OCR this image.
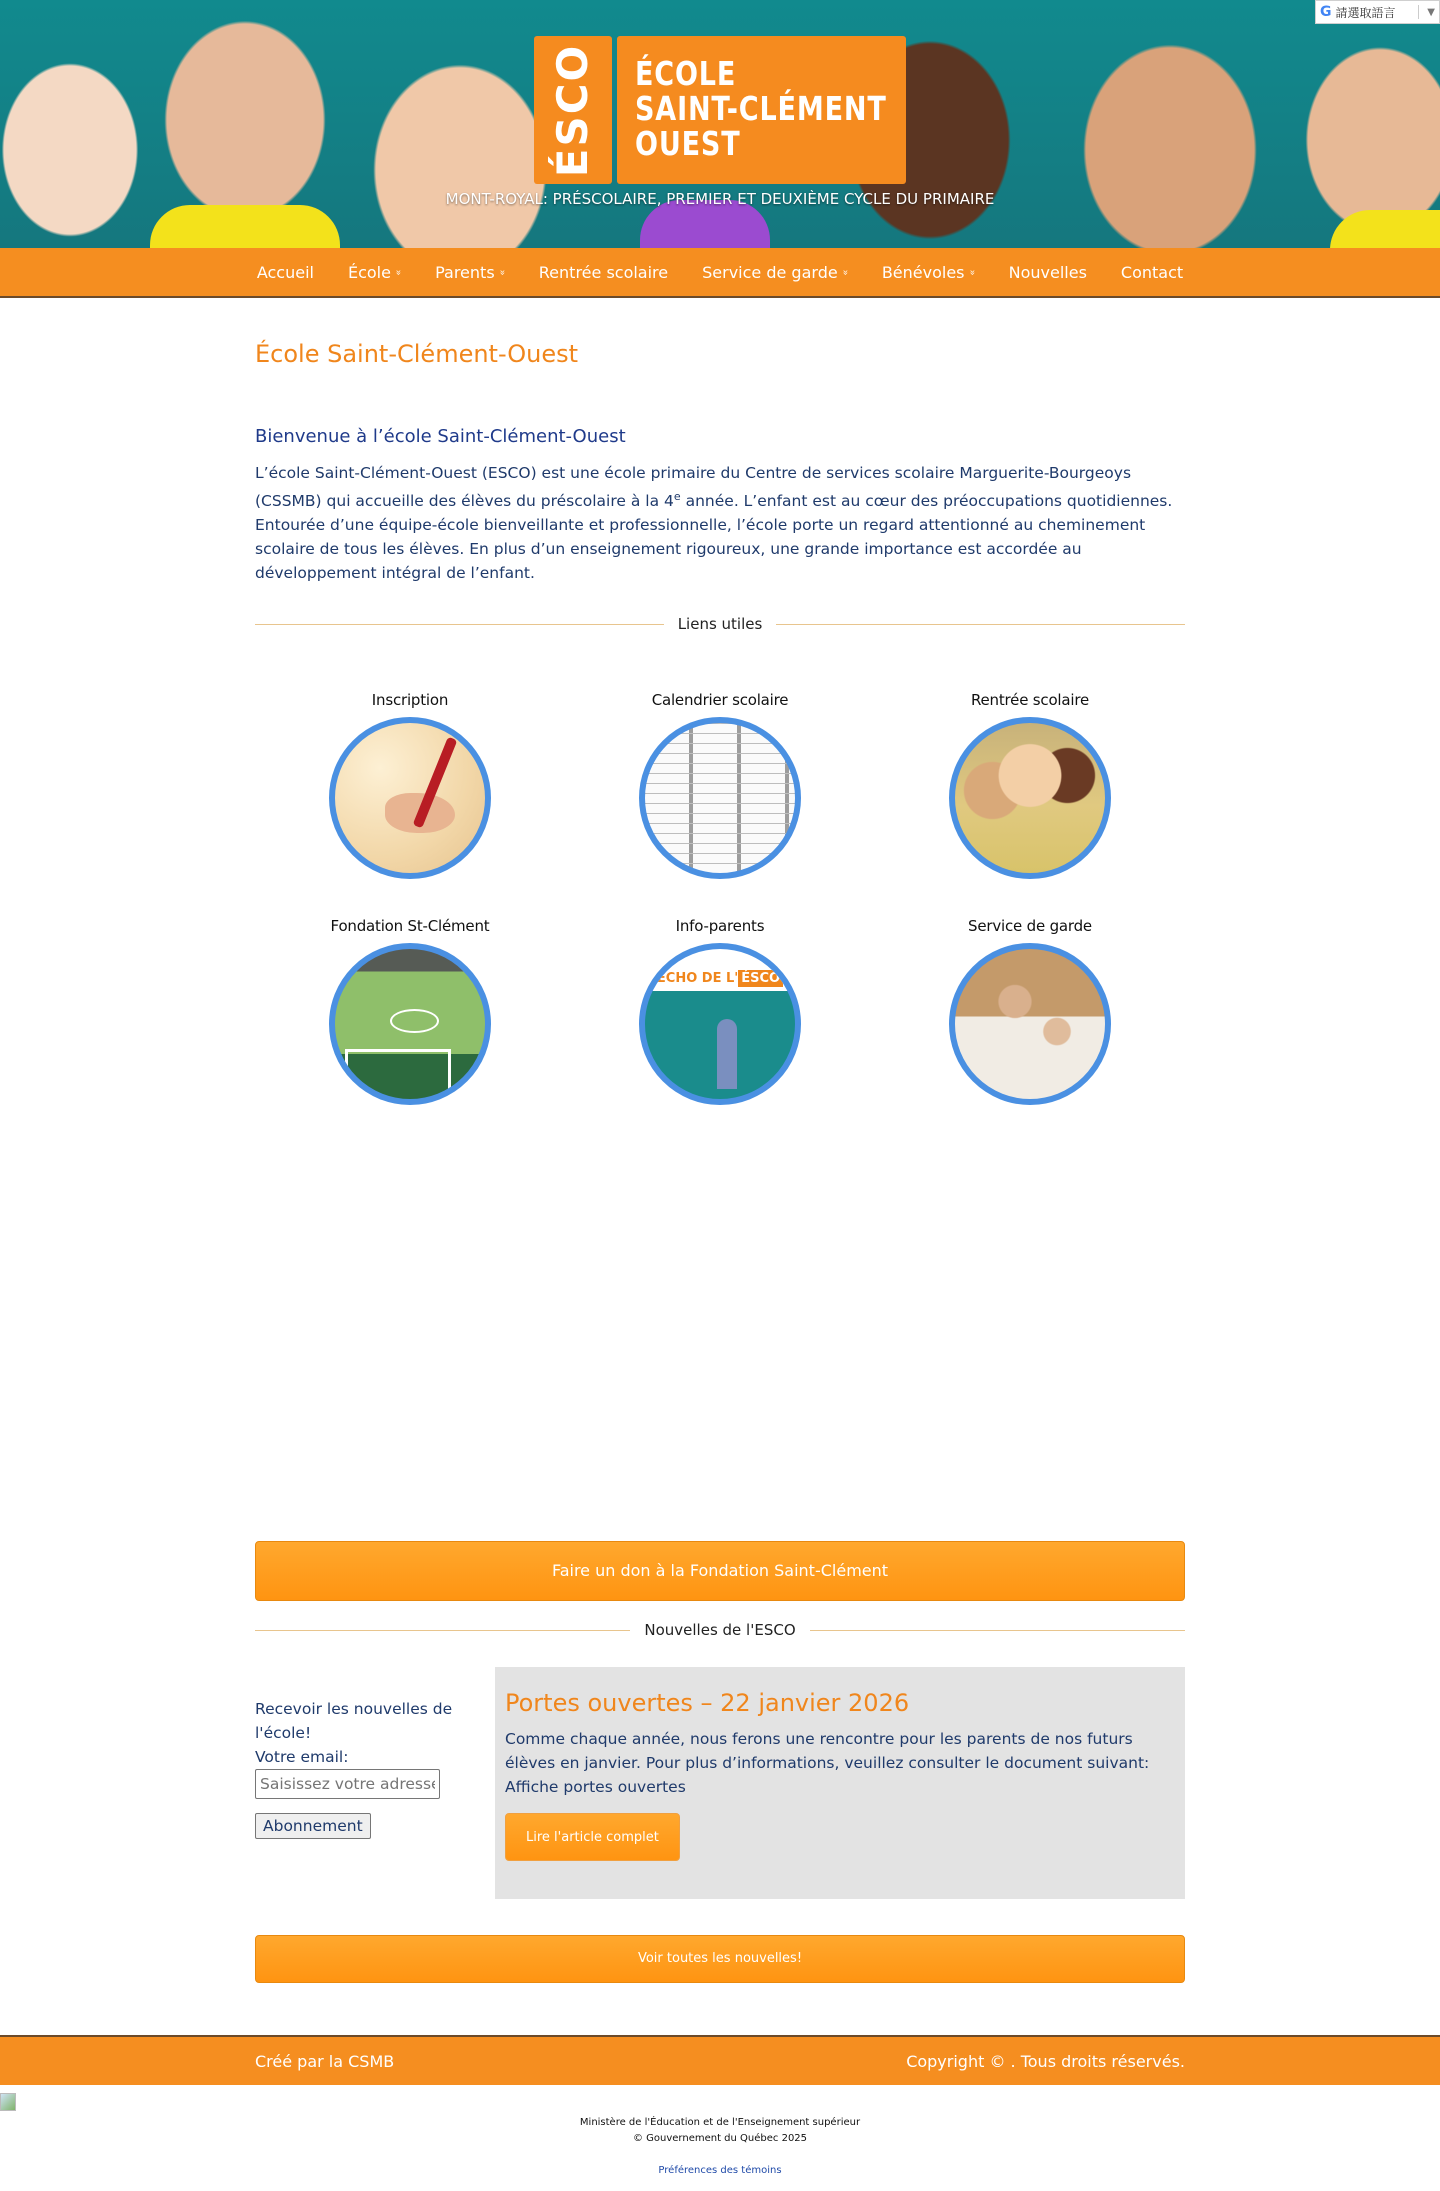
G 請選取語言	▼
ÉSCO ÉCOLE
SAINT-CLÉMENT
OUEST
MONT-ROYAL: PRÉSCOLAIRE, PREMIER ET DEUXIÈME CYCLE DU PRIMAIRE
Accueil École » Parents » Rentrée scolaire Service de garde » Bénévoles » Nouvelles Contact
École Saint-Clément-Ouest
Bienvenue à l’école Saint-Clément-Ouest

L’école Saint-Clément-Ouest (ESCO) est une école primaire du Centre de services scolaire Marguerite-Bourgeoys (CSSMB) qui accueille des élèves du préscolaire à la 4e année. L’enfant est au cœur des préoccupations quotidiennes. Entourée d’une équipe-école bienveillante et professionnelle, l’école porte un regard attentionné au cheminement scolaire de tous les élèves. En plus d’un enseignement rigoureux, une grande importance est accordée au développement intégral de l’enfant.

Liens utiles
Inscription	Calendrier scolaire	Rentrée scolaire
Fondation St-Clément	Info-parents
ECHO DE L' ÉSCO
Service de garde
Faire un don à la Fondation Saint-Clément
Nouvelles de l'ESCO
Recevoir les nouvelles de l'école!
Votre email:
Saisissez votre adresse e-mail
Abonnement
Portes ouvertes – 22 janvier 2026

Comme chaque année, nous ferons une rencontre pour les parents de nos futurs élèves en janvier. Pour plus d’informations, veuillez consulter le document suivant: Affiche portes ouvertes

Lire l'article complet
Voir toutes les nouvelles!
Créé par la CSMB	Copyright © . Tous droits réservés.
Ministère de l'Éducation et de l'Enseignement supérieur
© Gouvernement du Québec 2025
Préférences des témoins
